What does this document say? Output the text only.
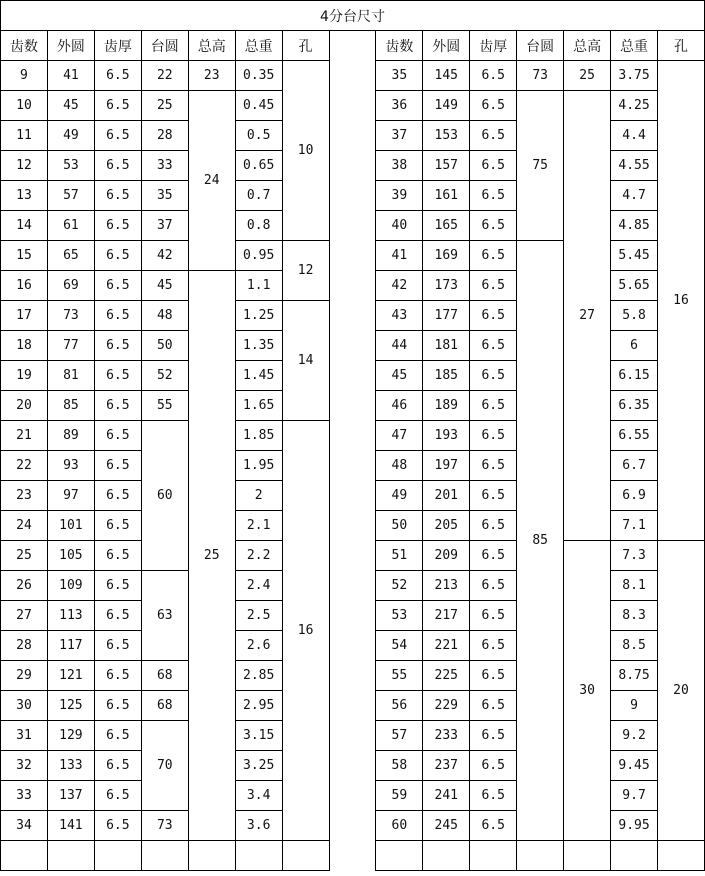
4分台尺寸														
齿数	外圆	齿厚	台圆	总高	总重	孔		齿数	外圆	齿厚	台圆	总高	总重	孔
9	41	6.5	22	23	0.35	10		35	145	6.5	73	25	3.75	16
10	45	6.5	25	24	0.45			36	149	6.5	75	27	4.25	
11	49	6.5	28		0.5			37	153	6.5			4.4	
12	53	6.5	33		0.65			38	157	6.5			4.55	
13	57	6.5	35		0.7			39	161	6.5			4.7	
14	61	6.5	37		0.8			40	165	6.5			4.85	
15	65	6.5	42		0.95	12		41	169	6.5	85		5.45	
16	69	6.5	45	25	1.1			42	173	6.5			5.65	
17	73	6.5	48		1.25	14		43	177	6.5			5.8	
18	77	6.5	50		1.35			44	181	6.5			6	
19	81	6.5	52		1.45			45	185	6.5			6.15	
20	85	6.5	55		1.65			46	189	6.5			6.35	
21	89	6.5	60		1.85	16		47	193	6.5			6.55	
22	93	6.5			1.95			48	197	6.5			6.7	
23	97	6.5			2			49	201	6.5			6.9	
24	101	6.5			2.1			50	205	6.5			7.1	
25	105	6.5			2.2			51	209	6.5		30	7.3	20
26	109	6.5	63		2.4			52	213	6.5			8.1	
27	113	6.5			2.5			53	217	6.5			8.3	
28	117	6.5			2.6			54	221	6.5			8.5	
29	121	6.5	68		2.85			55	225	6.5			8.75	
30	125	6.5	68		2.95			56	229	6.5			9	
31	129	6.5	70		3.15			57	233	6.5			9.2	
32	133	6.5			3.25			58	237	6.5			9.45	
33	137	6.5			3.4			59	241	6.5			9.7	
34	141	6.5	73		3.6			60	245	6.5			9.95	
